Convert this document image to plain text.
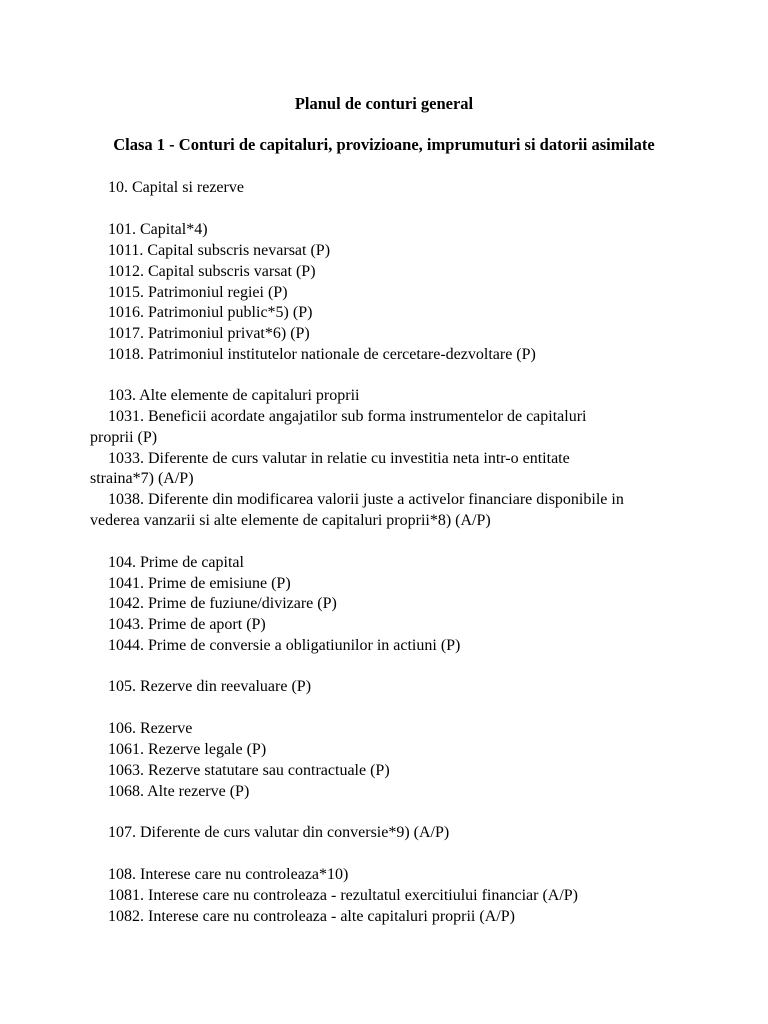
Planul de conturi general
Clasa 1 - Conturi de capitaluri, provizioane, imprumuturi si datorii asimilate
10. Capital si rezerve
101. Capital*4)
1011. Capital subscris nevarsat (P)
1012. Capital subscris varsat (P)
1015. Patrimoniul regiei (P)
1016. Patrimoniul public*5) (P)
1017. Patrimoniul privat*6) (P)
1018. Patrimoniul institutelor nationale de cercetare-dezvoltare (P)
103. Alte elemente de capitaluri proprii
1031. Beneficii acordate angajatilor sub forma instrumentelor de capitaluri
proprii (P)
1033. Diferente de curs valutar in relatie cu investitia neta intr-o entitate
straina*7) (A/P)
1038. Diferente din modificarea valorii juste a activelor financiare disponibile in
vederea vanzarii si alte elemente de capitaluri proprii*8) (A/P)
104. Prime de capital
1041. Prime de emisiune (P)
1042. Prime de fuziune/divizare (P)
1043. Prime de aport (P)
1044. Prime de conversie a obligatiunilor in actiuni (P)
105. Rezerve din reevaluare (P)
106. Rezerve
1061. Rezerve legale (P)
1063. Rezerve statutare sau contractuale (P)
1068. Alte rezerve (P)
107. Diferente de curs valutar din conversie*9) (A/P)
108. Interese care nu controleaza*10)
1081. Interese care nu controleaza - rezultatul exercitiului financiar (A/P)
1082. Interese care nu controleaza - alte capitaluri proprii (A/P)
